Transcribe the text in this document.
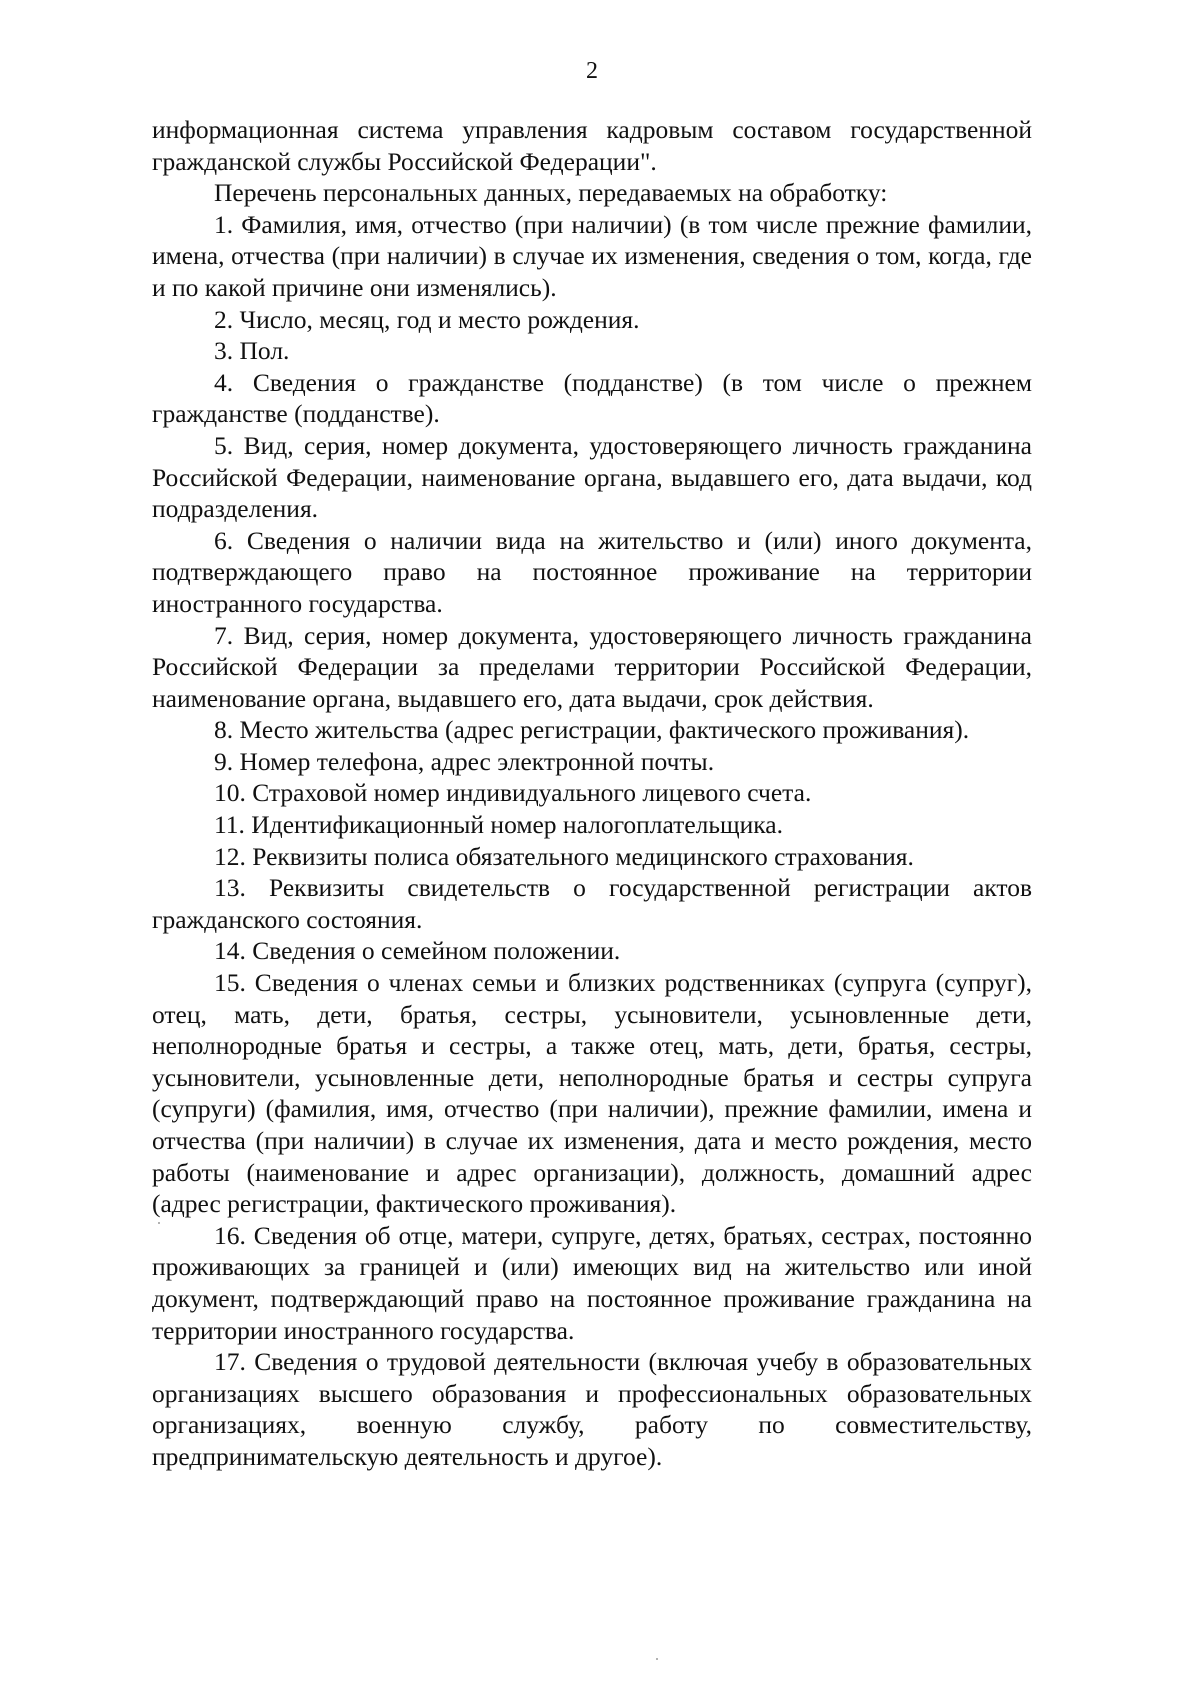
2

информационная система управления кадровым составом государственной гражданской службы Российской Федерации".

Перечень персональных данных, передаваемых на обработку:

1. Фамилия, имя, отчество (при наличии) (в том числе прежние фамилии, имена, отчества (при наличии) в случае их изменения, сведения о том, когда, где и по какой причине они изменялись).

2. Число, месяц, год и место рождения.

3. Пол.

4. Сведения о гражданстве (подданстве) (в том числе о прежнем гражданстве (подданстве).

5. Вид, серия, номер документа, удостоверяющего личность гражданина Российской Федерации, наименование органа, выдавшего его, дата выдачи, код подразделения.

6. Сведения о наличии вида на жительство и (или) иного документа, подтверждающего право на постоянное проживание на территории иностранного государства.

7. Вид, серия, номер документа, удостоверяющего личность гражданина Российской Федерации за пределами территории Российской Федерации, наименование органа, выдавшего его, дата выдачи, срок действия.

8. Место жительства (адрес регистрации, фактического проживания).

9. Номер телефона, адрес электронной почты.

10. Страховой номер индивидуального лицевого счета.

11. Идентификационный номер налогоплательщика.

12. Реквизиты полиса обязательного медицинского страхования.

13. Реквизиты свидетельств о государственной регистрации актов гражданского состояния.

14. Сведения о семейном положении.

15. Сведения о членах семьи и близких родственниках (супруга (супруг), отец, мать, дети, братья, сестры, усыновители, усыновленные дети, неполнородные братья и сестры, а также отец, мать, дети, братья, сестры, усыновители, усыновленные дети, неполнородные братья и сестры супруга (супруги) (фамилия, имя, отчество (при наличии), прежние фамилии, имена и отчества (при наличии) в случае их изменения, дата и место рождения, место работы (наименование и адрес организации), должность, домашний адрес (адрес регистрации, фактического проживания).

16. Сведения об отце, матери, супруге, детях, братьях, сестрах, постоянно проживающих за границей и (или) имеющих вид на жительство или иной документ, подтверждающий право на постоянное проживание гражданина на территории иностранного государства.

17. Сведения о трудовой деятельности (включая учебу в образовательных организациях высшего образования и профессиональных образовательных организациях, военную службу, работу по совместительству, предпринимательскую деятельность и другое).
